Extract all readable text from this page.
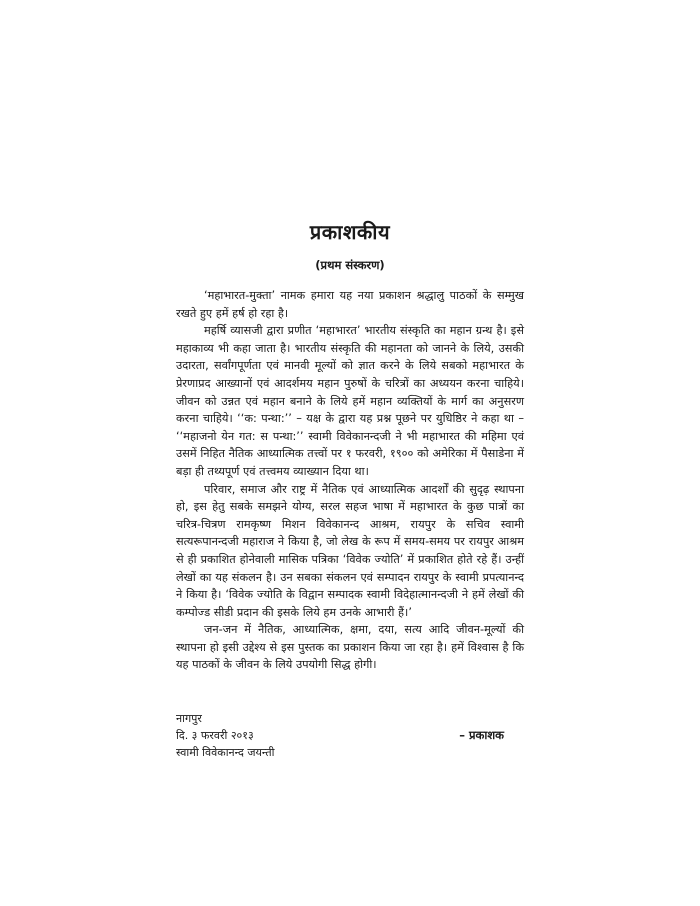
प्रकाशकीय
(प्रथम संस्करण)

‘महाभारत-मुक्ता’ नामक हमारा यह नया प्रकाशन श्रद्धालु पाठकों के सम्मुख रखते हुए हमें हर्ष हो रहा है।

महर्षि व्यासजी द्वारा प्रणीत ‘महाभारत’ भारतीय संस्कृति का महान ग्रन्थ है। इसे महाकाव्य भी कहा जाता है। भारतीय संस्कृति की महानता को जानने के लिये, उसकी उदारता, सर्वांगपूर्णता एवं मानवी मूल्यों को ज्ञात करने के लिये सबको महाभारत के प्रेरणाप्रद आख्यानों एवं आदर्शमय महान पुरुषों के चरित्रों का अध्ययन करना चाहिये। जीवन को उन्नत एवं महान बनाने के लिये हमें महान व्यक्तियों के मार्ग का अनुसरण करना चाहिये। ‘‘क: पन्था:’’ – यक्ष के द्वारा यह प्रश्न पूछने पर युधिष्ठिर ने कहा था – ‘‘महाजनो येन गत: स पन्था:’’ स्वामी विवेकानन्दजी ने भी महाभारत की महिमा एवं उसमें निहित नैतिक आध्यात्मिक तत्त्वों पर १ फरवरी, १९०० को अमेरिका में पैसाडेना में बड़ा ही तथ्यपूर्ण एवं तत्त्वमय व्याख्यान दिया था।

परिवार, समाज और राष्ट्र में नैतिक एवं आध्यात्मिक आदर्शों की सुदृढ़ स्थापना हो, इस हेतु सबके समझने योग्य, सरल सहज भाषा में महाभारत के कुछ पात्रों का चरित्र-चित्रण रामकृष्ण मिशन विवेकानन्द आश्रम, रायपुर के सचिव स्वामी सत्यरूपानन्दजी महाराज ने किया है, जो लेख के रूप में समय-समय पर रायपुर आश्रम से ही प्रकाशित होनेवाली मासिक पत्रिका ‘विवेक ज्योति’ में प्रकाशित होते रहे हैं। उन्हीं लेखों का यह संकलन है। उन सबका संकलन एवं सम्पादन रायपुर के स्वामी प्रपत्यानन्द ने किया है। ‘विवेक ज्योति के विद्वान सम्पादक स्वामी विदेहात्मानन्दजी ने हमें लेखों की कम्पोज्ड सीडी प्रदान की इसके लिये हम उनके आभारी हैं।’

जन-जन में नैतिक, आध्यात्मिक, क्षमा, दया, सत्य आदि जीवन-मूल्यों की स्थापना हो इसी उद्देश्य से इस पुस्तक का प्रकाशन किया जा रहा है। हमें विश्वास है कि यह पाठकों के जीवन के लिये उपयोगी सिद्ध होगी।

नागपुर
दि. ३ फरवरी २०१३	– प्रकाशक
स्वामी विवेकानन्द जयन्ती
